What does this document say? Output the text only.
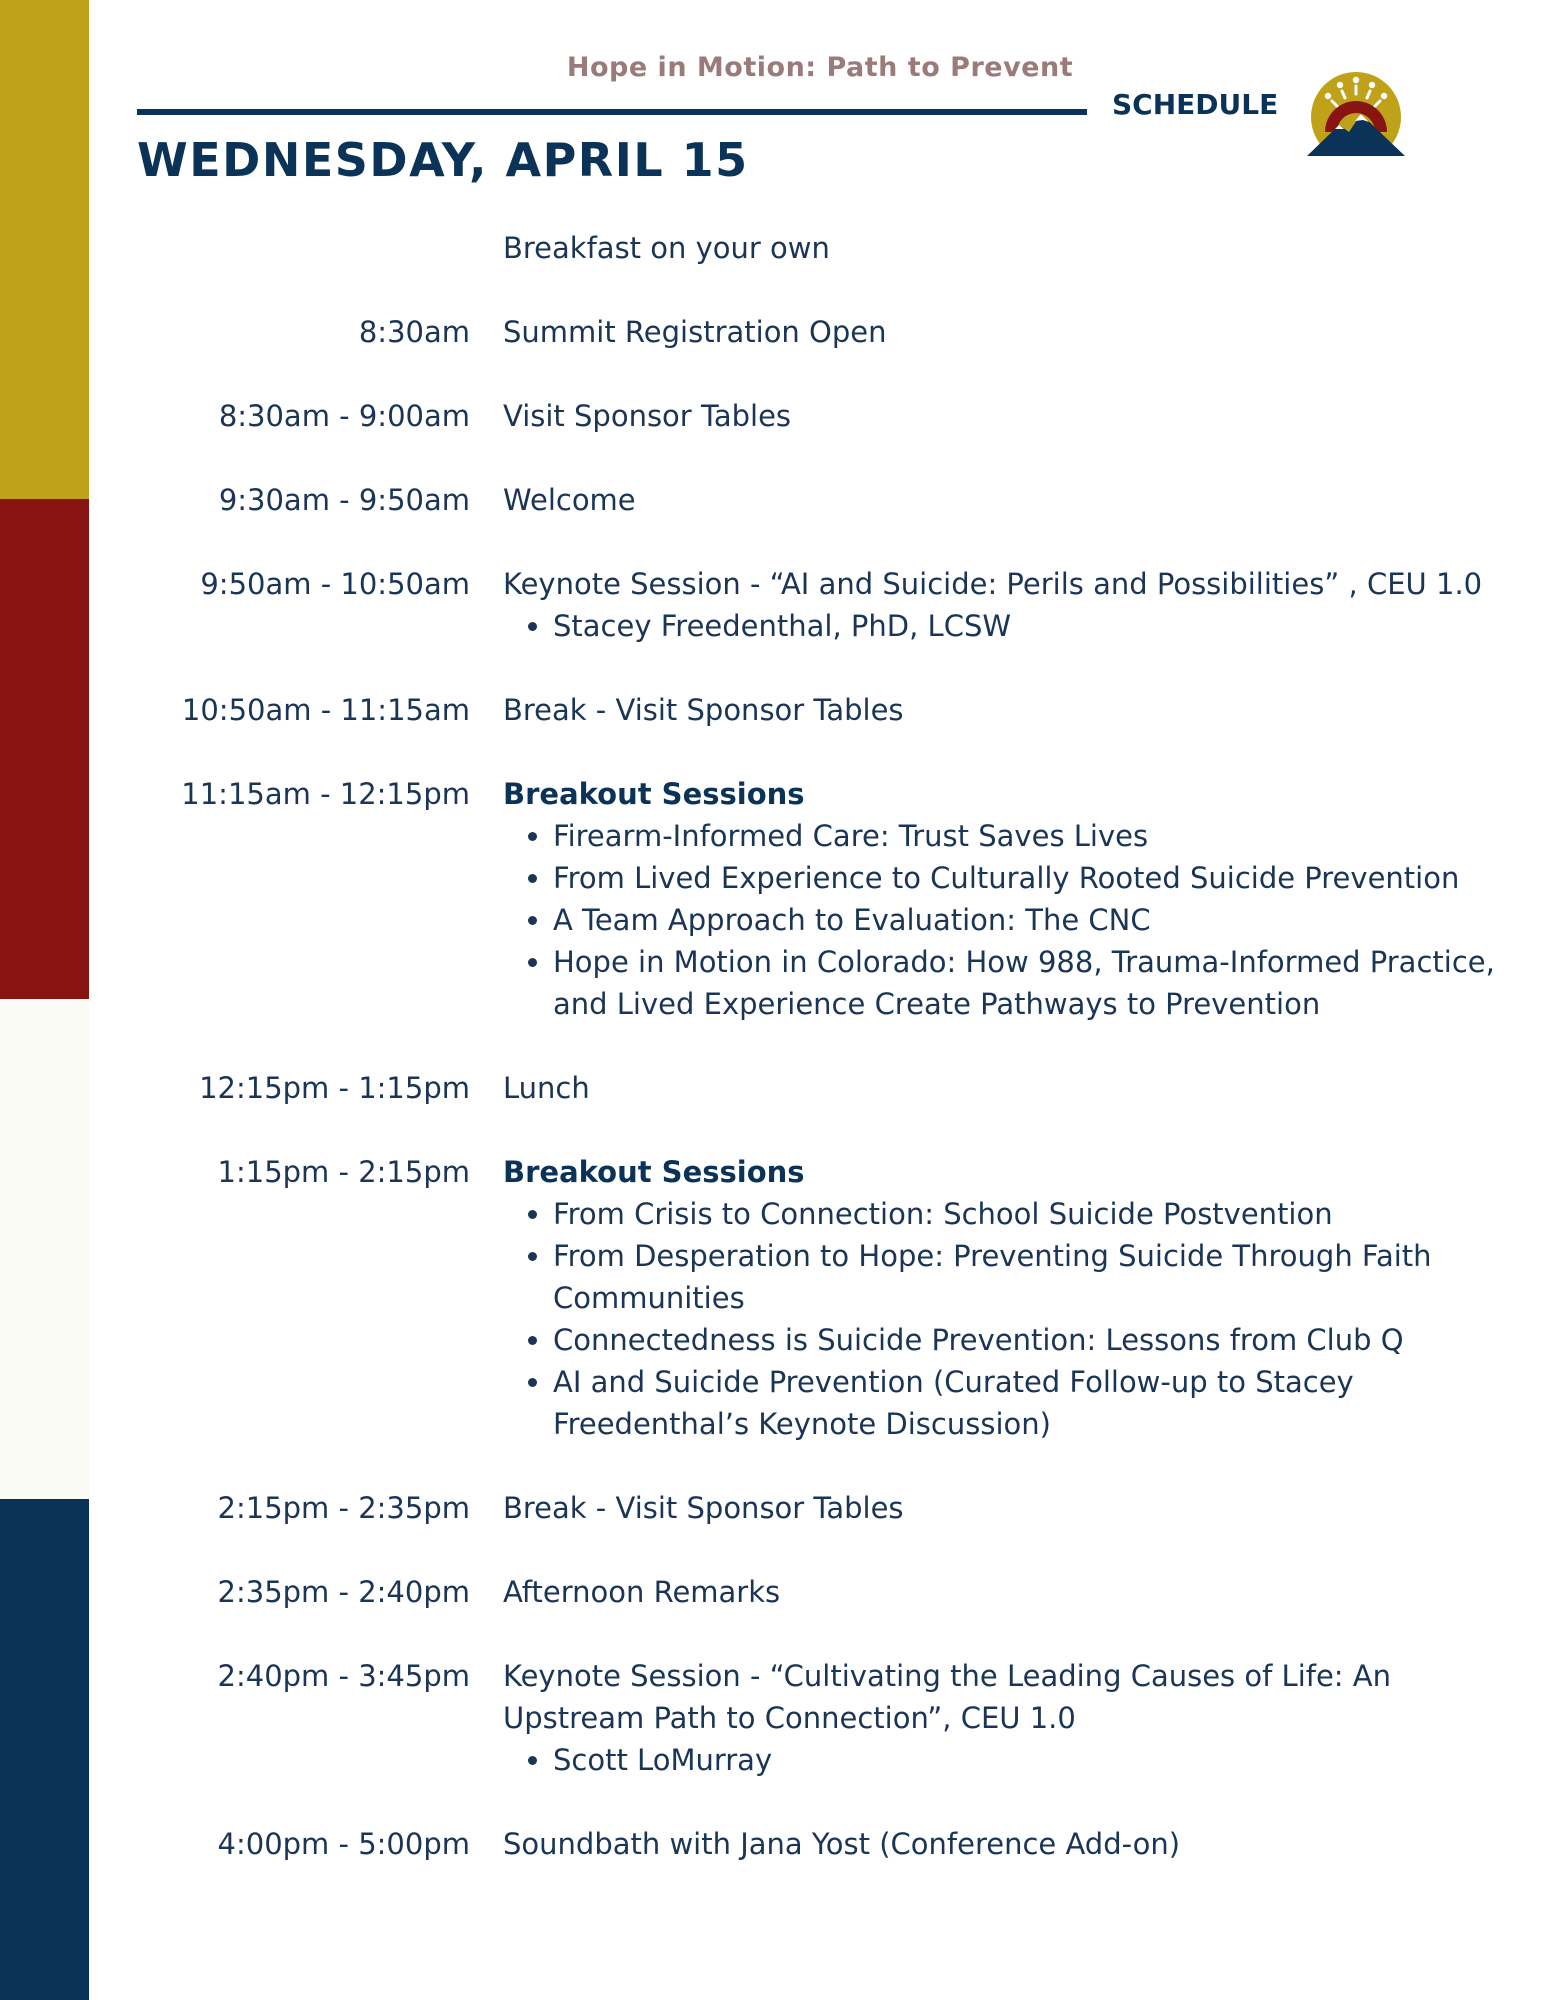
Hope in Motion: Path to Prevent
SCHEDULE
WEDNESDAY, APRIL 15
Breakfast on your own
8:30am Summit Registration Open
8:30am - 9:00am Visit Sponsor Tables
9:30am - 9:50am Welcome
9:50am - 10:50am Keynote Session - “AI and Suicide: Perils and Possibilities” , CEU 1.0
• Stacey Freedenthal, PhD, LCSW
10:50am - 11:15am Break - Visit Sponsor Tables
11:15am - 12:15pm Breakout Sessions
• Firearm-Informed Care: Trust Saves Lives
• From Lived Experience to Culturally Rooted Suicide Prevention
• A Team Approach to Evaluation: The CNC
• Hope in Motion in Colorado: How 988, Trauma-Informed Practice, and Lived Experience Create Pathways to Prevention
12:15pm - 1:15pm Lunch
1:15pm - 2:15pm Breakout Sessions
• From Crisis to Connection: School Suicide Postvention
• From Desperation to Hope: Preventing Suicide Through Faith Communities
• Connectedness is Suicide Prevention: Lessons from Club Q
• AI and Suicide Prevention (Curated Follow-up to Stacey Freedenthal’s Keynote Discussion)
2:15pm - 2:35pm Break - Visit Sponsor Tables
2:35pm - 2:40pm Afternoon Remarks
2:40pm - 3:45pm Keynote Session - “Cultivating the Leading Causes of Life: An Upstream Path to Connection”, CEU 1.0
• Scott LoMurray
4:00pm - 5:00pm Soundbath with Jana Yost (Conference Add-on)
